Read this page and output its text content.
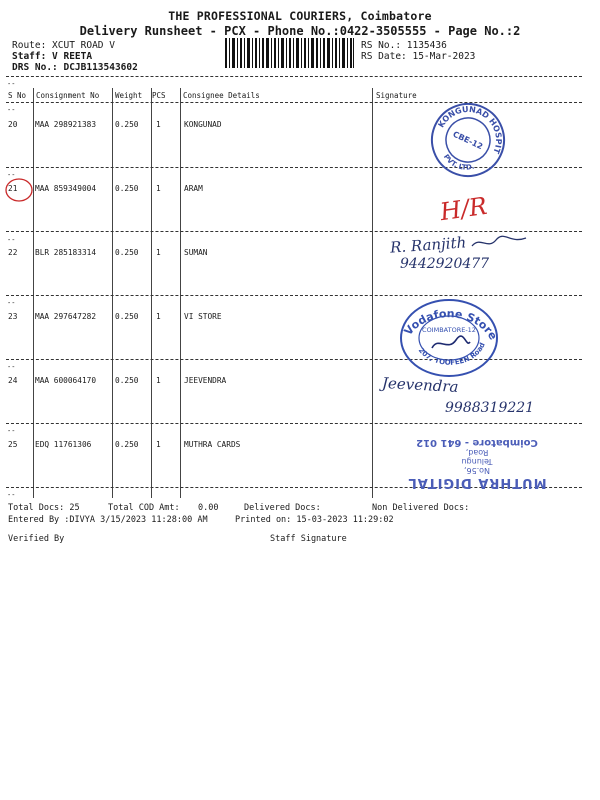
THE PROFESSIONAL COURIERS, Coimbatore
Delivery Runsheet - PCX - Phone No.:0422-3505555 - Page No.:2
Route: XCUT ROAD V
Staff: V REETA
DRS No.: DCJB113543602
RS No.: 1135436
RS Date: 15-Mar-2023
--
S No Consignment No Weight PCS Consignee Details	Signature
--
20 MAA 298921383 0.250 1	KONGUNAD
--
21 MAA 859349004 0.250 1	ARAM
--
22 BLR 285183314 0.250 1	SUMAN
--
23 MAA 297647282 0.250 1	VI STORE
--
24 MAA 600064170 0.250 1	JEEVENDRA
--
25 EDQ 11761306	0.250 1	MUTHRA CARDS
--
KONGUNAD HOSPITALS
PVT. LTD.
CBE-12
H/R
R. Ranjith
9442920477
Vodafone Store
207, TOOFEEN Road
COIMBATORE-12
Jeevendra
9988319221
MUTHRA DIGITAL
No.56,
Telungu
Road,
Coimbatore - 641 012
Total Docs: 25	Total COD Amt: 0.00	Delivered Docs:	Non Delivered Docs:
Entered By :DIVYA 3/15/2023 11:28:00 AM	Printed on: 15-03-2023 11:29:02
Verified By	Staff Signature
